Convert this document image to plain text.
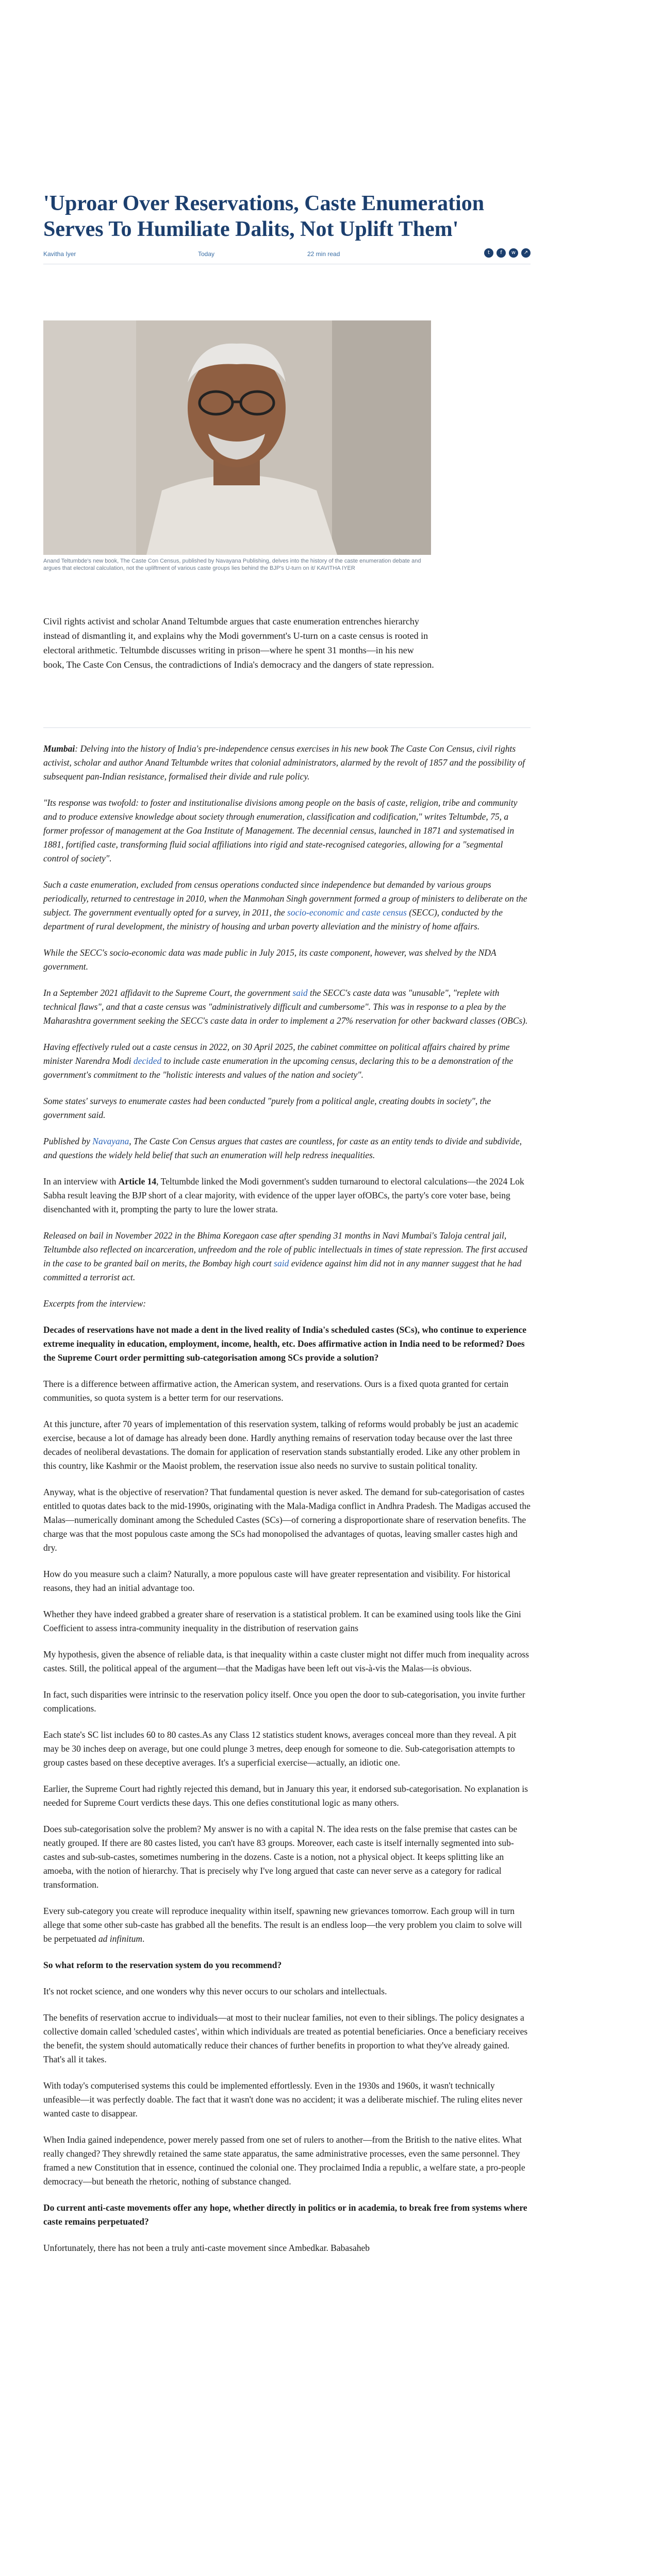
'Uproar Over Reservations, Caste Enumeration Serves To Humiliate Dalits, Not Uplift Them'
Kavitha Iyer	Today	22 min read	t	f	w	↗

Anand Teltumbde's new book, The Caste Con Census, published by Navayana Publishing, delves into the history of the caste enumeration debate and argues that electoral calculation, not the upliftment of various caste groups lies behind the BJP's U-turn on it/ KAVITHA IYER

Civil rights activist and scholar Anand Teltumbde argues that caste enumeration entrenches hierarchy instead of dismantling it, and explains why the Modi government's U-turn on a caste census is rooted in electoral arithmetic. Teltumbde discusses writing in prison—where he spent 31 months—in his new book, The Caste Con Census, the contradictions of India's democracy and the dangers of state repression.

Mumbai: Delving into the history of India's pre-independence census exercises in his new book The Caste Con Census, civil rights activist, scholar and author Anand Teltumbde writes that colonial administrators, alarmed by the revolt of 1857 and the possibility of subsequent pan-Indian resistance, formalised their divide and rule policy.

"Its response was twofold: to foster and institutionalise divisions among people on the basis of caste, religion, tribe and community and to produce extensive knowledge about society through enumeration, classification and codification," writes Teltumbde, 75, a former professor of management at the Goa Institute of Management. The decennial census, launched in 1871 and systematised in 1881, fortified caste, transforming fluid social affiliations into rigid and state-recognised categories, allowing for a "segmental control of society".

Such a caste enumeration, excluded from census operations conducted since independence but demanded by various groups periodically, returned to centrestage in 2010, when the Manmohan Singh government formed a group of ministers to deliberate on the subject. The government eventually opted for a survey, in 2011, the socio-economic and caste census (SECC), conducted by the department of rural development, the ministry of housing and urban poverty alleviation and the ministry of home affairs.

While the SECC's socio-economic data was made public in July 2015, its caste component, however, was shelved by the NDA government.

In a September 2021 affidavit to the Supreme Court, the government said the SECC's caste data was "unusable", "replete with technical flaws", and that a caste census was "administratively difficult and cumbersome". This was in response to a plea by the Maharashtra government seeking the SECC's caste data in order to implement a 27% reservation for other backward classes (OBCs).

Having effectively ruled out a caste census in 2022, on 30 April 2025, the cabinet committee on political affairs chaired by prime minister Narendra Modi decided to include caste enumeration in the upcoming census, declaring this to be a demonstration of the government's commitment to the "holistic interests and values of the nation and society".

Some states' surveys to enumerate castes had been conducted "purely from a political angle, creating doubts in society", the government said.

Published by Navayana, The Caste Con Census argues that castes are countless, for caste as an entity tends to divide and subdivide, and questions the widely held belief that such an enumeration will help redress inequalities.

In an interview with Article 14, Teltumbde linked the Modi government's sudden turnaround to electoral calculations—the 2024 Lok Sabha result leaving the BJP short of a clear majority, with evidence of the upper layer ofOBCs, the party's core voter base, being disenchanted with it, prompting the party to lure the lower strata.

Released on bail in November 2022 in the Bhima Koregaon case after spending 31 months in Navi Mumbai's Taloja central jail, Teltumbde also reflected on incarceration, unfreedom and the role of public intellectuals in times of state repression. The first accused in the case to be granted bail on merits, the Bombay high court said evidence against him did not in any manner suggest that he had committed a terrorist act.

Excerpts from the interview:

Decades of reservations have not made a dent in the lived reality of India's scheduled castes (SCs), who continue to experience extreme inequality in education, employment, income, health, etc. Does affirmative action in India need to be reformed? Does the Supreme Court order permitting sub-categorisation among SCs provide a solution?

There is a difference between affirmative action, the American system, and reservations. Ours is a fixed quota granted for certain communities, so quota system is a better term for our reservations.

At this juncture, after 70 years of implementation of this reservation system, talking of reforms would probably be just an academic exercise, because a lot of damage has already been done. Hardly anything remains of reservation today because over the last three decades of neoliberal devastations. The domain for application of reservation stands substantially eroded. Like any other problem in this country, like Kashmir or the Maoist problem, the reservation issue also needs no survive to sustain political tonality.

Anyway, what is the objective of reservation? That fundamental question is never asked. The demand for sub-categorisation of castes entitled to quotas dates back to the mid-1990s, originating with the Mala-Madiga conflict in Andhra Pradesh. The Madigas accused the Malas—numerically dominant among the Scheduled Castes (SCs)—of cornering a disproportionate share of reservation benefits. The charge was that the most populous caste among the SCs had monopolised the advantages of quotas, leaving smaller castes high and dry.

How do you measure such a claim? Naturally, a more populous caste will have greater representation and visibility. For historical reasons, they had an initial advantage too.

Whether they have indeed grabbed a greater share of reservation is a statistical problem. It can be examined using tools like the Gini Coefficient to assess intra-community inequality in the distribution of reservation gains

My hypothesis, given the absence of reliable data, is that inequality within a caste cluster might not differ much from inequality across castes. Still, the political appeal of the argument—that the Madigas have been left out vis-à-vis the Malas—is obvious.

In fact, such disparities were intrinsic to the reservation policy itself. Once you open the door to sub-categorisation, you invite further complications.

Each state's SC list includes 60 to 80 castes.As any Class 12 statistics student knows, averages conceal more than they reveal. A pit may be 30 inches deep on average, but one could plunge 3 metres, deep enough for someone to die. Sub-categorisation attempts to group castes based on these deceptive averages. It's a superficial exercise—actually, an idiotic one.

Earlier, the Supreme Court had rightly rejected this demand, but in January this year, it endorsed sub-categorisation. No explanation is needed for Supreme Court verdicts these days. This one defies constitutional logic as many others.

Does sub-categorisation solve the problem? My answer is no with a capital N. The idea rests on the false premise that castes can be neatly grouped. If there are 80 castes listed, you can't have 83 groups. Moreover, each caste is itself internally segmented into sub-castes and sub-sub-castes, sometimes numbering in the dozens. Caste is a notion, not a physical object. It keeps splitting like an amoeba, with the notion of hierarchy. That is precisely why I've long argued that caste can never serve as a category for radical transformation.

Every sub-category you create will reproduce inequality within itself, spawning new grievances tomorrow. Each group will in turn allege that some other sub-caste has grabbed all the benefits. The result is an endless loop—the very problem you claim to solve will be perpetuated ad infinitum.

So what reform to the reservation system do you recommend?

It's not rocket science, and one wonders why this never occurs to our scholars and intellectuals.

The benefits of reservation accrue to individuals—at most to their nuclear families, not even to their siblings. The policy designates a collective domain called 'scheduled castes', within which individuals are treated as potential beneficiaries. Once a beneficiary receives the benefit, the system should automatically reduce their chances of further benefits in proportion to what they've already gained. That's all it takes.

With today's computerised systems this could be implemented effortlessly. Even in the 1930s and 1960s, it wasn't technically unfeasible—it was perfectly doable. The fact that it wasn't done was no accident; it was a deliberate mischief. The ruling elites never wanted caste to disappear.

When India gained independence, power merely passed from one set of rulers to another—from the British to the native elites. What really changed? They shrewdly retained the same state apparatus, the same administrative processes, even the same personnel. They framed a new Constitution that in essence, continued the colonial one. They proclaimed India a republic, a welfare state, a pro-people democracy—but beneath the rhetoric, nothing of substance changed.

Do current anti-caste movements offer any hope, whether directly in politics or in academia, to break free from systems where caste remains perpetuated?

Unfortunately, there has not been a truly anti-caste movement since Ambedkar. Babasaheb
